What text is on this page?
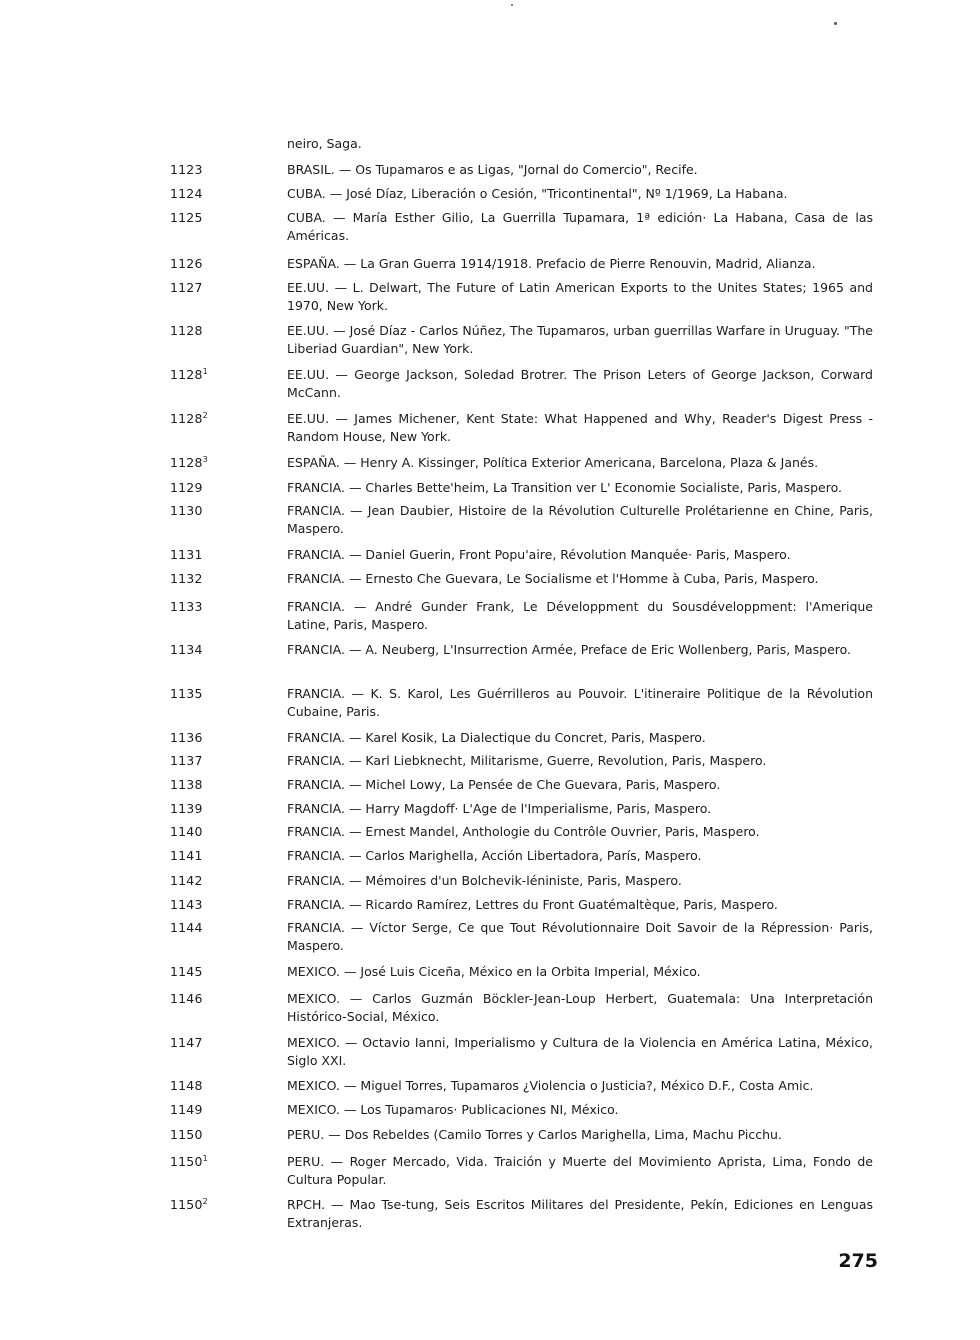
neiro, Saga.
1123	BRASIL. — Os Tupamaros e as Ligas, "Jornal do Comercio", Recife.
1124	CUBA. — José Díaz, Liberación o Cesión, "Tricontinental", Nº 1/1969, La Habana.
1125	CUBA. — María Esther Gilio, La Guerrilla Tupamara, 1ª edición· La Habana, Casa de las Américas.
1126	ESPAÑA. — La Gran Guerra 1914/1918. Prefacio de Pierre Renouvin, Madrid, Alianza.
1127	EE.UU. — L. Delwart, The Future of Latin American Exports to the Unites States; 1965 and 1970, New York.
1128	EE.UU. — José Díaz - Carlos Núñez, The Tupamaros, urban guerrillas Warfare in Uruguay. "The Liberiad Guardian", New York.
1128$^1$	EE.UU. — George Jackson, Soledad Brotrer. The Prison Leters of George Jackson, Corward McCann.
1128$^2$	EE.UU. — James Michener, Kent State: What Happened and Why, Reader's Digest Press - Random House, New York.
1128$^3$	ESPAÑA. — Henry A. Kissinger, Política Exterior Americana, Barcelona, Plaza & Janés.
1129	FRANCIA. — Charles Bette'heim, La Transition ver L' Economie Socialiste, Paris, Maspero.
1130	FRANCIA. — Jean Daubier, Histoire de la Révolution Culturelle Prolétarienne en Chine, Paris, Maspero.
1131	FRANCIA. — Daniel Guerin, Front Popu'aire, Révolution Manquée· Paris, Maspero.
1132	FRANCIA. — Ernesto Che Guevara, Le Socialisme et l'Homme à Cuba, Paris, Maspero.
1133	FRANCIA. — André Gunder Frank, Le Développment du Sousdéveloppment: l'Amerique Latine, Paris, Maspero.
1134	FRANCIA. — A. Neuberg, L'Insurrection Armée, Preface de Eric Wollenberg, Paris, Maspero.
1135	FRANCIA. — K. S. Karol, Les Guérrilleros au Pouvoir. L'itineraire Politique de la Révolution Cubaine, Paris.
1136	FRANCIA. — Karel Kosik, La Dialectique du Concret, Paris, Maspero.
1137	FRANCIA. — Karl Liebknecht, Militarisme, Guerre, Revolution, Paris, Maspero.
1138	FRANCIA. — Michel Lowy, La Pensée de Che Guevara, Paris, Maspero.
1139	FRANCIA. — Harry Magdoff· L'Age de l'Imperialisme, Paris, Maspero.
1140	FRANCIA. — Ernest Mandel, Anthologie du Contrôle Ouvrier, Paris, Maspero.
1141	FRANCIA. — Carlos Marighella, Acción Libertadora, París, Maspero.
1142	FRANCIA. — Mémoires d'un Bolchevik-léniniste, Paris, Maspero.
1143	FRANCIA. — Ricardo Ramírez, Lettres du Front Guatémaltèque, Paris, Maspero.
1144	FRANCIA. — Víctor Serge, Ce que Tout Révolutionnaire Doit Savoir de la Répression· Paris, Maspero.
1145	MEXICO. — José Luis Ciceña, México en la Orbita Imperial, México.
1146	MEXICO. — Carlos Guzmán Böckler-Jean-Loup Herbert, Guatemala: Una Interpretación Histórico-Social, México.
1147	MEXICO. — Octavio Ianni, Imperialismo y Cultura de la Violencia en América Latina, México, Siglo XXI.
1148	MEXICO. — Miguel Torres, Tupamaros ¿Violencia o Justicia?, México D.F., Costa Amic.
1149	MEXICO. — Los Tupamaros· Publicaciones NI, México.
1150	PERU. — Dos Rebeldes (Camilo Torres y Carlos Marighella, Lima, Machu Picchu.
1150$^1$	PERU. — Roger Mercado, Vida. Traición y Muerte del Movimiento Aprista, Lima, Fondo de Cultura Popular.
1150$^2$	RPCH. — Mao Tse-tung, Seis Escritos Militares del Presidente, Pekín, Ediciones en Lenguas Extranjeras.
275
